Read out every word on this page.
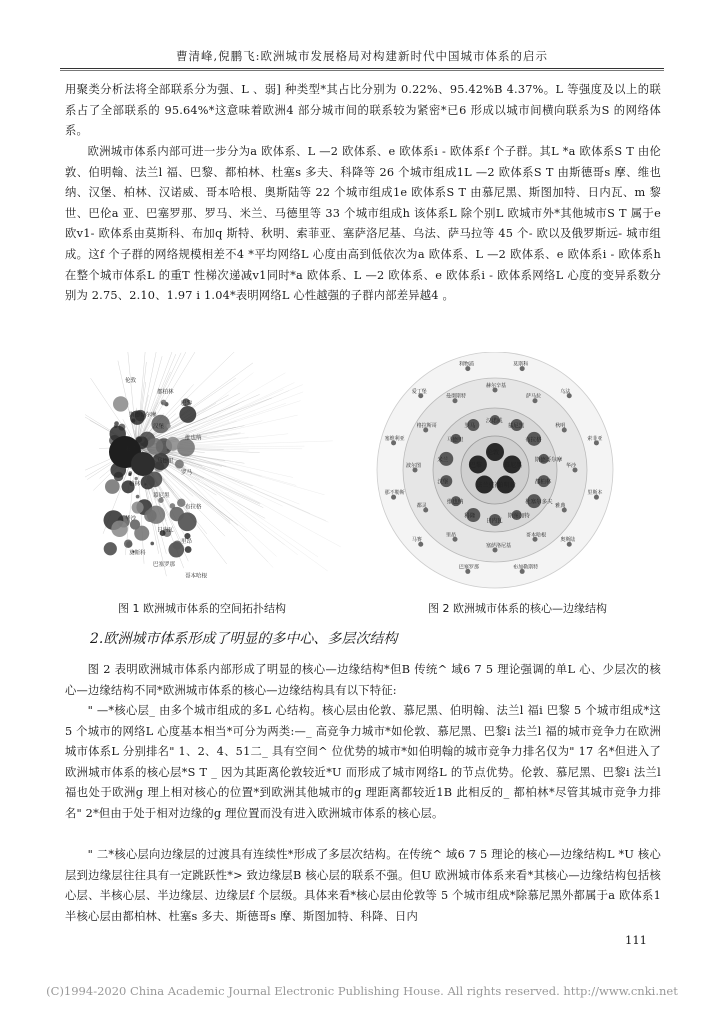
曹清峰,倪鹏飞:欧洲城市发展格局对构建新时代中国城市体系的启示

用聚类分析法将全部联系分为强、L 、弱] 种类型*其占比分别为 0.22%、95.42%B 4.37%。L 等强度及以上的联系占了全部联系的 95.64%*这意味着欧洲4 部分城市间的联系较为紧密*已6 形成以城市间横向联系为S 的网络体系。

欧洲城市体系内部可进一步分为a 欧体系、L —2 欧体系、e 欧体系i - 欧体系f 个子群。其L *a 欧体系S T 由伦敦、伯明翰、法兰l 福、巴黎、都柏林、杜塞s 多夫、科降等 26 个城市组成1L —2 欧体系S T 由斯德哥s 摩、维也纳、汉堡、柏林、汉诺威、哥本哈根、奥斯陆等 22 个城市组成1e 欧体系S T 由慕尼黑、斯图加特、日内瓦、m 黎世、巴伦a 亚、巴塞罗那、罗马、米兰、马德里等 33 个城市组成h 该体系L 除个别L 欧城市外*其他城市S T 属于e 欧v1- 欧体系由莫斯科、布加q 斯特、秋明、索菲亚、塞萨洛尼基、乌法、萨马拉等 45 个- 欧以及俄罗斯远- 城市组成。这f 个子群的网络规模相差不4 *平均网络L 心度由高到低依次为a 欧体系、L —2 欧体系、e 欧体系i - 欧体系h 在整个城市体系L 的重T 性梯次递减v1同时*a 欧体系、L —2 欧体系、e 欧体系i - 欧体系网络L 心度的变异系数分别为 2.75、2.10、1.97 i 1.04*表明网络L 心性越强的子群内部差异越4 。

伦敦
都柏林
巴黎
斯德哥尔摩
汉堡
维也纳
米兰
马德里
罗马
柏林
慕尼黑
布拉格
华沙
日内瓦
里昂
莫斯科
巴塞罗那
哥本哈根
伦敦
慕尼黑
伯明翰
法兰克福
巴黎
汉诺威
慕尼黑
布拉格
斯德哥尔摩
都柏林
杜塞尔多夫
斯图加特
日内瓦
科隆
维也纳
汉堡
米兰
马德里
罗马
赫尔辛基
莫斯科
萨马拉
乌法
秋明
索菲亚
华沙
里斯本
雅典
奥斯陆
哥本哈根
布加勒斯特
塞萨洛尼基
巴塞罗那
里昂
马赛
都灵
那不勒斯
波尔图
塞维利亚
格拉斯哥
爱丁堡
曼彻斯特
利物浦
图 1 欧洲城市体系的空间拓扑结构	图 2 欧洲城市体系的核心—边缘结构
2.欧洲城市体系形成了明显的多中心、多层次结构

图 2 表明欧洲城市体系内部形成了明显的核心—边缘结构*但B 传统^ 域6 7 5 理论强调的单L 心、少层次的核心—边缘结构不同*欧洲城市体系的核心—边缘结构具有以下特征:

" —*核心层_ 由多个城市组成的多L 心结构。核心层由伦敦、慕尼黑、伯明翰、法兰l 福i 巴黎 5 个城市组成*这 5 个城市的网络L 心度基本相当*可分为两类:—_ 高竞争力城市*如伦敦、慕尼黑、巴黎i 法兰l 福的城市竞争力在欧洲城市体系L 分别排名" 1、2、4、51二_ 具有空间^ 位优势的城市*如伯明翰的城市竞争力排名仅为" 17 名*但进入了欧洲城市体系的核心层*S T _ 因为其距离伦敦较近*U 而形成了城市网络L 的节点优势。伦敦、慕尼黑、巴黎i 法兰l 福也处于欧洲g 理上相对核心的位置*到欧洲其他城市的g 理距离都较近1B 此相反的_ 都柏林*尽管其城市竞争力排名" 2*但由于处于相对边缘的g 理位置而没有进入欧洲城市体系的核心层。

" 二*核心层向边缘层的过渡具有连续性*形成了多层次结构。在传统^ 域6 7 5 理论的核心—边缘结构L *U 核心层到边缘层往往具有一定跳跃性*> 致边缘层B 核心层的联系不强。但U 欧洲城市体系来看*其核心—边缘结构包括核心层、半核心层、半边缘层、边缘层f 个层级。具体来看*核心层由伦敦等 5 个城市组成*除慕尼黑外都属于a 欧体系1半核心层由都柏林、杜塞s 多夫、斯德哥s 摩、斯图加特、科降、日内

111
(C)1994-2020 China Academic Journal Electronic Publishing House. All rights reserved. http://www.cnki.net
